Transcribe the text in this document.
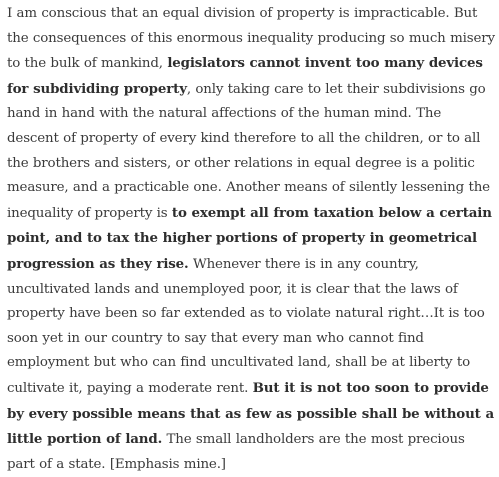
I am conscious that an equal division of property is impracticable. But the consequences of this enormous inequality producing so much misery to the bulk of mankind, legislators cannot invent too many devices for subdividing property, only taking care to let their subdivisions go hand in hand with the natural affections of the human mind. The descent of property of every kind therefore to all the children, or to all the brothers and sisters, or other relations in equal degree is a politic measure, and a practicable one. Another means of silently lessening the inequality of property is to exempt all from taxation below a certain point, and to tax the higher portions of property in geometrical progression as they rise. Whenever there is in any country, uncultivated lands and unemployed poor, it is clear that the laws of property have been so far extended as to violate natural right…It is too soon yet in our country to say that every man who cannot find employment but who can find uncultivated land, shall be at liberty to cultivate it, paying a moderate rent. But it is not too soon to provide by every possible means that as few as possible shall be without a little portion of land. The small landholders are the most precious part of a state. [Emphasis mine.]
